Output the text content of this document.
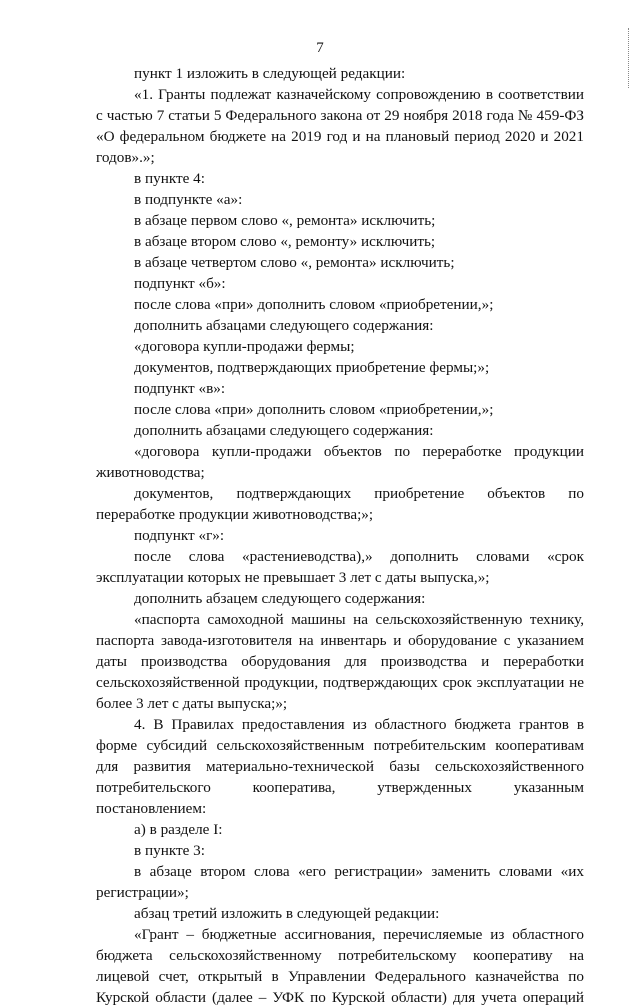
7

пункт 1 изложить в следующей редакции:

«1. Гранты подлежат казначейскому сопровождению в соответствии с частью 7 статьи 5 Федерального закона от 29 ноября 2018 года № 459-ФЗ «О федеральном бюджете на 2019 год и на плановый период 2020 и 2021 годов».»;

в пункте 4:

в подпункте «а»:

в абзаце первом слово «, ремонта» исключить;

в абзаце втором слово «, ремонту» исключить;

в абзаце четвертом слово «, ремонта» исключить;

подпункт «б»:

после слова «при» дополнить словом «приобретении,»;

дополнить абзацами следующего содержания:

«договора купли-продажи фермы;

документов, подтверждающих приобретение фермы;»;

подпункт «в»:

после слова «при» дополнить словом «приобретении,»;

дополнить абзацами следующего содержания:

«договора купли-продажи объектов по переработке продукции животноводства;

документов, подтверждающих приобретение объектов по переработке продукции животноводства;»;

подпункт «г»:

после слова «растениеводства),» дополнить словами «срок эксплуатации которых не превышает 3 лет с даты выпуска,»;

дополнить абзацем следующего содержания:

«паспорта самоходной машины на сельскохозяйственную технику, паспорта завода-изготовителя на инвентарь и оборудование с указанием даты производства оборудования для производства и переработки сельскохозяйственной продукции, подтверждающих срок эксплуатации не более 3 лет с даты выпуска;»;

4. В Правилах предоставления из областного бюджета грантов в форме субсидий сельскохозяйственным потребительским кооперативам для развития материально-технической базы сельскохозяйственного потребительского кооператива, утвержденных указанным постановлением:

а) в разделе I:

в пункте 3:

в абзаце втором слова «его регистрации» заменить словами «их регистрации»;

абзац третий изложить в следующей редакции:

«Грант – бюджетные ассигнования, перечисляемые из областного бюджета сельскохозяйственному потребительскому кооперативу на лицевой счет, открытый в Управлении Федерального казначейства по Курской области (далее – УФК по Курской области) для учета операций
